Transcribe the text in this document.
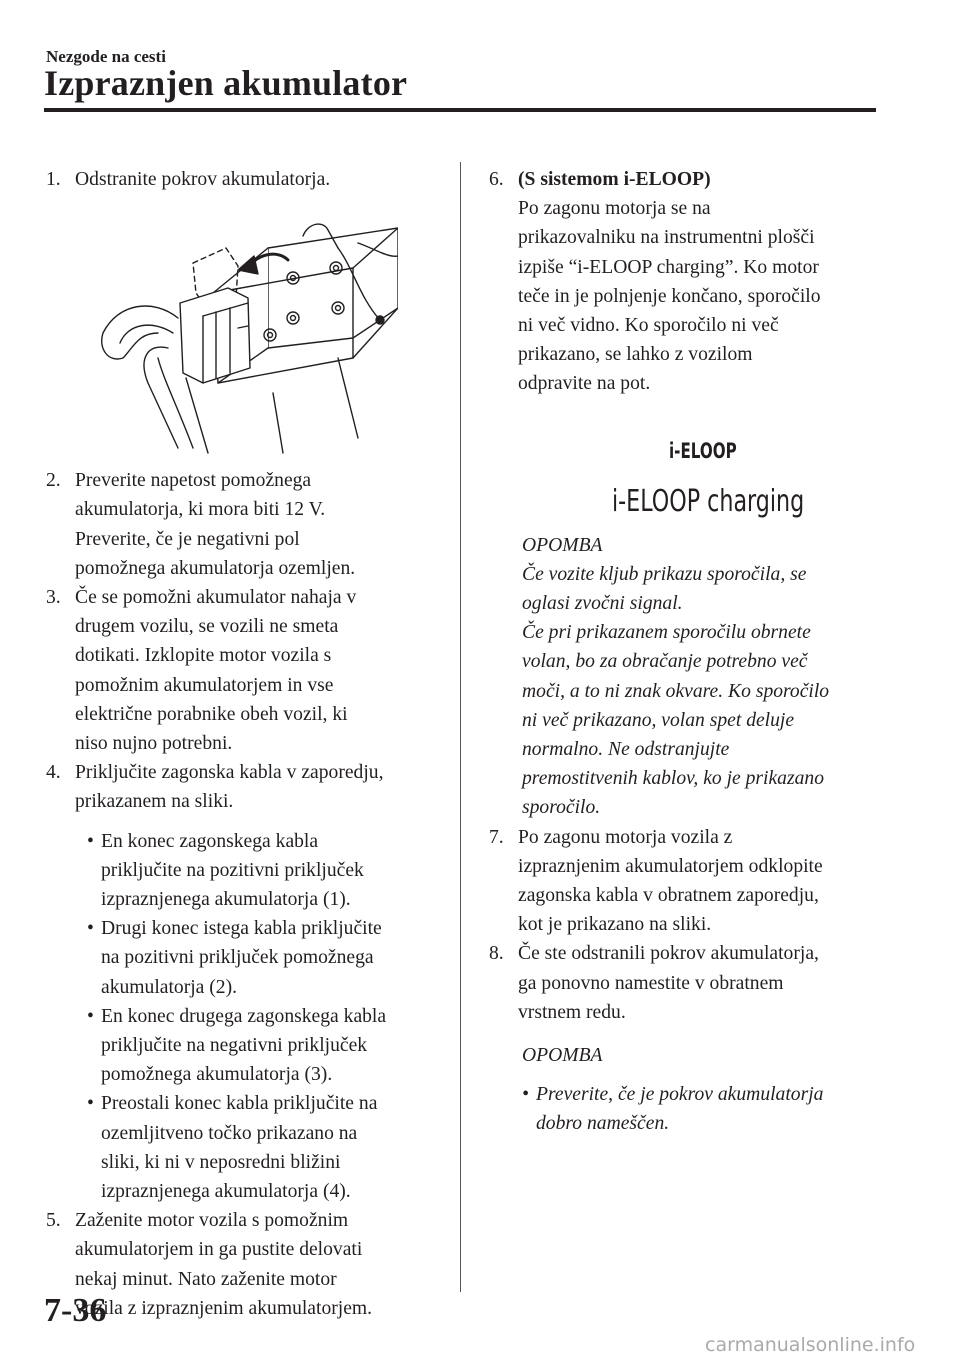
Nezgode na cesti
Izpraznjen akumulator
1. Odstranite pokrov akumulatorja.
2. Preverite napetost pomožnega
akumulatorja, ki mora biti 12 V.
Preverite, če je negativni pol
pomožnega akumulatorja ozemljen.
3. Če se pomožni akumulator nahaja v
drugem vozilu, se vozili ne smeta
dotikati. Izklopite motor vozila s
pomožnim akumulatorjem in vse
električne porabnike obeh vozil, ki
niso nujno potrebni.
4. Priključite zagonska kabla v zaporedju,
prikazanem na sliki.
• En konec zagonskega kabla
priključite na pozitivni priključek
izpraznjenega akumulatorja (1).
• Drugi konec istega kabla priključite
na pozitivni priključek pomožnega
akumulatorja (2).
• En konec drugega zagonskega kabla
priključite na negativni priključek
pomožnega akumulatorja (3).
• Preostali konec kabla priključite na
ozemljitveno točko prikazano na
sliki, ki ni v neposredni bližini
izpraznjenega akumulatorja (4).
5. Zaženite motor vozila s pomožnim
akumulatorjem in ga pustite delovati
nekaj minut. Nato zaženite motor
vozila z izpraznjenim akumulatorjem.
6. (S sistemom i-ELOOP)
Po zagonu motorja se na
prikazovalniku na instrumentni plošči
izpiše “i-ELOOP charging”. Ko motor
teče in je polnjenje končano, sporočilo
ni več vidno. Ko sporočilo ni več
prikazano, se lahko z vozilom
odpravite na pot.
i-ELOOP
i-ELOOP charging
OPOMBA
Če vozite kljub prikazu sporočila, se
oglasi zvočni signal.
Če pri prikazanem sporočilu obrnete
volan, bo za obračanje potrebno več
moči, a to ni znak okvare. Ko sporočilo
ni več prikazano, volan spet deluje
normalno. Ne odstranjujte
premostitvenih kablov, ko je prikazano
sporočilo.
7. Po zagonu motorja vozila z
izpraznjenim akumulatorjem odklopite
zagonska kabla v obratnem zaporedju,
kot je prikazano na sliki.
8. Če ste odstranili pokrov akumulatorja,
ga ponovno namestite v obratnem
vrstnem redu.
OPOMBA
• Preverite, če je pokrov akumulatorja
dobro nameščen.
7-36
carmanualsonline.info
